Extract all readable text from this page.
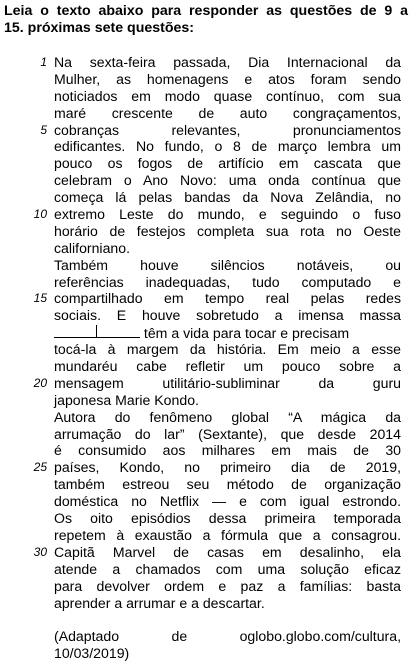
Leia o texto abaixo para responder as questões de 9 a
15. próximas sete questões:
1 Na sexta-feira passada, Dia Internacional da
Mulher, as homenagens e atos foram sendo
noticiados em modo quase contínuo, com sua
maré crescente de auto congraçamentos,
5 cobranças relevantes, pronunciamentos
edificantes. No fundo, o 8 de março lembra um
pouco os fogos de artifício em cascata que
celebram o Ano Novo: uma onda contínua que
começa lá pelas bandas da Nova Zelândia, no
10 extremo Leste do mundo, e seguindo o fuso
horário de festejos completa sua rota no Oeste
californiano.
Também houve silêncios notáveis, ou
referências inadequadas, tudo computado e
15 compartilhado em tempo real pelas redes
sociais. E houve sobretudo a imensa massa
têm a vida para tocar e precisam
tocá-la à margem da história. Em meio a esse
mundaréu cabe refletir um pouco sobre a
20 mensagem utilitário-subliminar da guru
japonesa Marie Kondo.
Autora do fenômeno global “A mágica da
arrumação do lar” (Sextante), que desde 2014
é consumido aos milhares em mais de 30
25 países, Kondo, no primeiro dia de 2019,
também estreou seu método de organização
doméstica no Netflix — e com igual estrondo.
Os oito episódios dessa primeira temporada
repetem à exaustão a fórmula que a consagrou.
30 Capitã Marvel de casas em desalinho, ela
atende a chamados com uma solução eficaz
para devolver ordem e paz a famílias: basta
aprender a arrumar e a descartar.
(Adaptado de oglobo.globo.com/cultura,
10/03/2019)
